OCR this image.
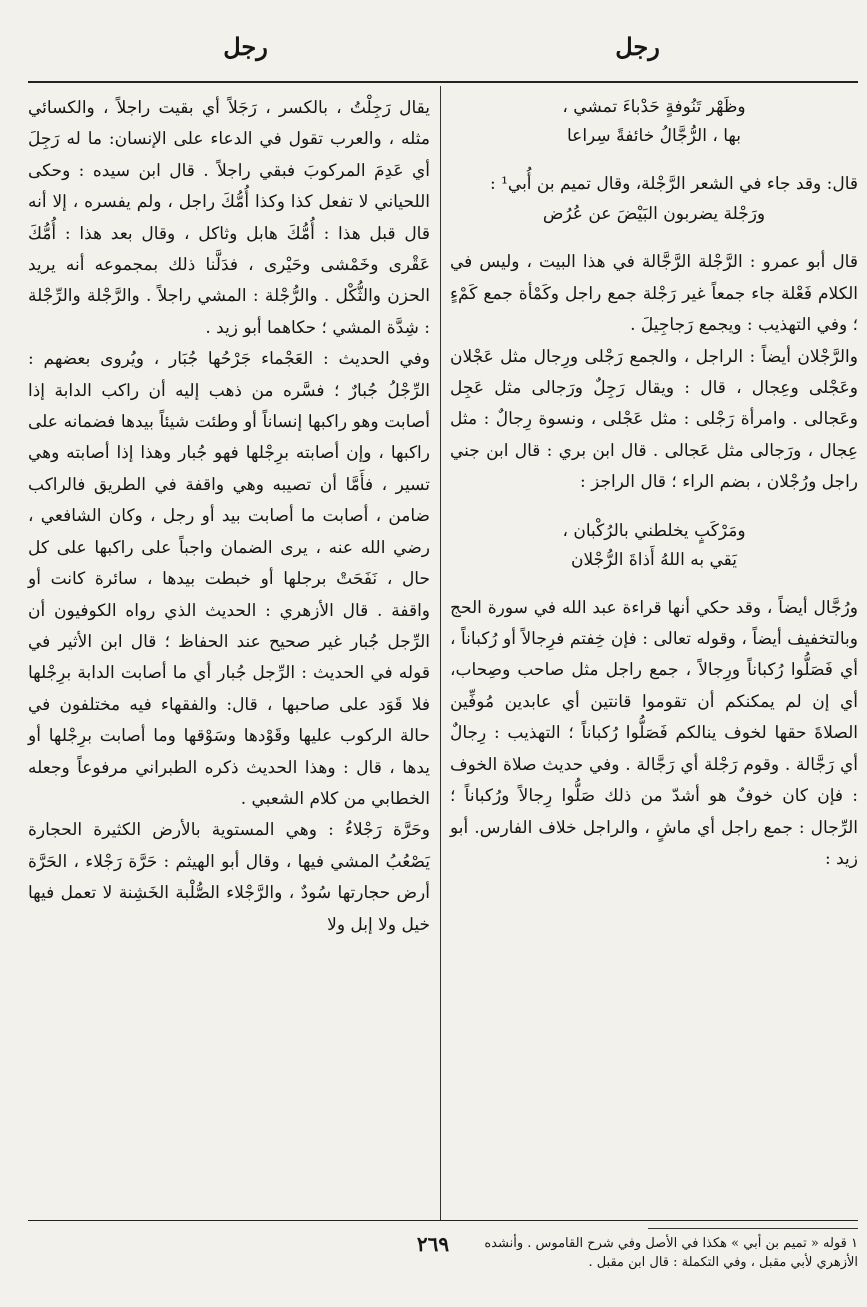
رجل
رجل

وظَهْر تَنُوفةٍ حَدْباءَ تمشي ،

بها ، الرُّجَّالُ خائفةً سِراعا

قال: وقد جاء في الشعر الرَّجْلة، وقال تميم بن أُبي¹ :

ورَجْلة يضربون البَيْضَ عن عُرُض

قال أبو عمرو : الرَّجْلة الرَّجَّالة في هذا البيت ، وليس في الكلام فَعْلة جاء جمعاً غير رَجْلة جمع راجل وكَمْأة جمع كَمْءٍ ؛ وفي التهذيب : ويجمع رَجاجِيلَ .

والرَّجْلان أيضاً : الراجل ، والجمع رَجْلى ورِجال مثل عَجْلان وعَجْلى وعِجال ، قال : ويقال رَجِلٌ ورَجالى مثل عَجِل وعَجالى . وامرأة رَجْلى : مثل عَجْلى ، ونسوة رِجالٌ : مثل عِجال ، ورَجالى مثل عَجالى . قال ابن بري : قال ابن جني راجل ورُجْلان ، بضم الراء ؛ قال الراجز :

ومَرْكَبٍ يخلطني بالرُكْبان ،

يَقي به اللهُ أَذاةَ الرُّجْلان

ورُجَّال أيضاً ، وقد حكي أنها قراءة عبد الله في سورة الحج وبالتخفيف أيضاً ، وقوله تعالى : فإن خِفتم فرِجالاً أو رُكباناً ، أي فَصَلُّوا رُكباناً ورِجالاً ، جمع راجل مثل صاحب وصِحاب، أي إن لم يمكنكم أن تقوموا قانتين أي عابدين مُوفِّين الصلاةَ حقها لخوف ينالكم فَصَلُّوا رُكباناً ؛ التهذيب : رِجالٌ أي رَجَّالة . وقوم رَجْلة أي رَجَّالة . وفي حديث صلاة الخوف : فإن كان خوفٌ هو أشدّ من ذلك صَلُّوا رِجالاً ورُكباناً ؛ الرِّجال : جمع راجل أي ماشٍ ، والراجل خلاف الفارس. أبو زيد :

يقال رَجِلْتُ ، بالكسر ، رَجَلاً أي بقيت راجلاً ، والكسائي مثله ، والعرب تقول في الدعاء على الإنسان: ما له رَجِلَ أي عَدِمَ المركوبَ فبقي راجلاً . قال ابن سيده : وحكى اللحياني لا تفعل كذا وكذا أُمُّكَ راجل ، ولم يفسره ، إلا أنه قال قبل هذا : أُمُّكَ هابل وثاكل ، وقال بعد هذا : أُمُّكَ عَقْرى وخَمْشى وحَيْرى ، فدَلَّنا ذلك بمجموعه أنه يريد الحزن والثُّكْل . والرُّجْلة : المشي راجلاً . والرَّجْلة والرِّجْلة : شِدَّة المشي ؛ حكاهما أبو زيد .

وفي الحديث : العَجْماء جَرْحُها جُبَار ، ويُروى بعضهم : الرِّجْلُ جُبارٌ ؛ فسَّره من ذهب إليه أن راكب الدابة إذا أصابت وهو راكبها إنساناً أو وطئت شيئاً بيدها فضمانه على راكبها ، وإن أصابته برِجْلها فهو جُبار وهذا إذا أصابته وهي تسير ، فأَمَّا أن تصيبه وهي واقفة في الطريق فالراكب ضامن ، أصابت ما أصابت بيد أو رجل ، وكان الشافعي ، رضي الله عنه ، يرى الضمان واجباً على راكبها على كل حال ، نَفَحَتْ برجلها أو خبطت بيدها ، سائرة كانت أو واقفة . قال الأزهري : الحديث الذي رواه الكوفيون أن الرِّجل جُبار غير صحيح عند الحفاظ ؛ قال ابن الأثير في قوله في الحديث : الرِّجل جُبار أي ما أصابت الدابة برِجْلها فلا قَوَد على صاحبها ، قال: والفقهاء فيه مختلفون في حالة الركوب عليها وقَوْدها وسَوْقها وما أصابت برِجْلها أو يدها ، قال : وهذا الحديث ذكره الطبراني مرفوعاً وجعله الخطابي من كلام الشعبي .

وحَرَّة رَجْلاءُ : وهي المستوية بالأرض الكثيرة الحجارة يَصْعُبُ المشي فيها ، وقال أبو الهيثم : حَرَّة رَجْلاء ، الحَرَّة أرض حجارتها سُودٌ ، والرَّجْلاء الصُّلْبة الخَشِنة لا تعمل فيها خيل ولا إبل ولا

١ قوله « تميم بن أبي » هكذا في الأصل وفي شرح القاموس . وأنشده الأزهري لأبي مقبل ، وفي التكملة : قال ابن مقبل .
٢٦٩
